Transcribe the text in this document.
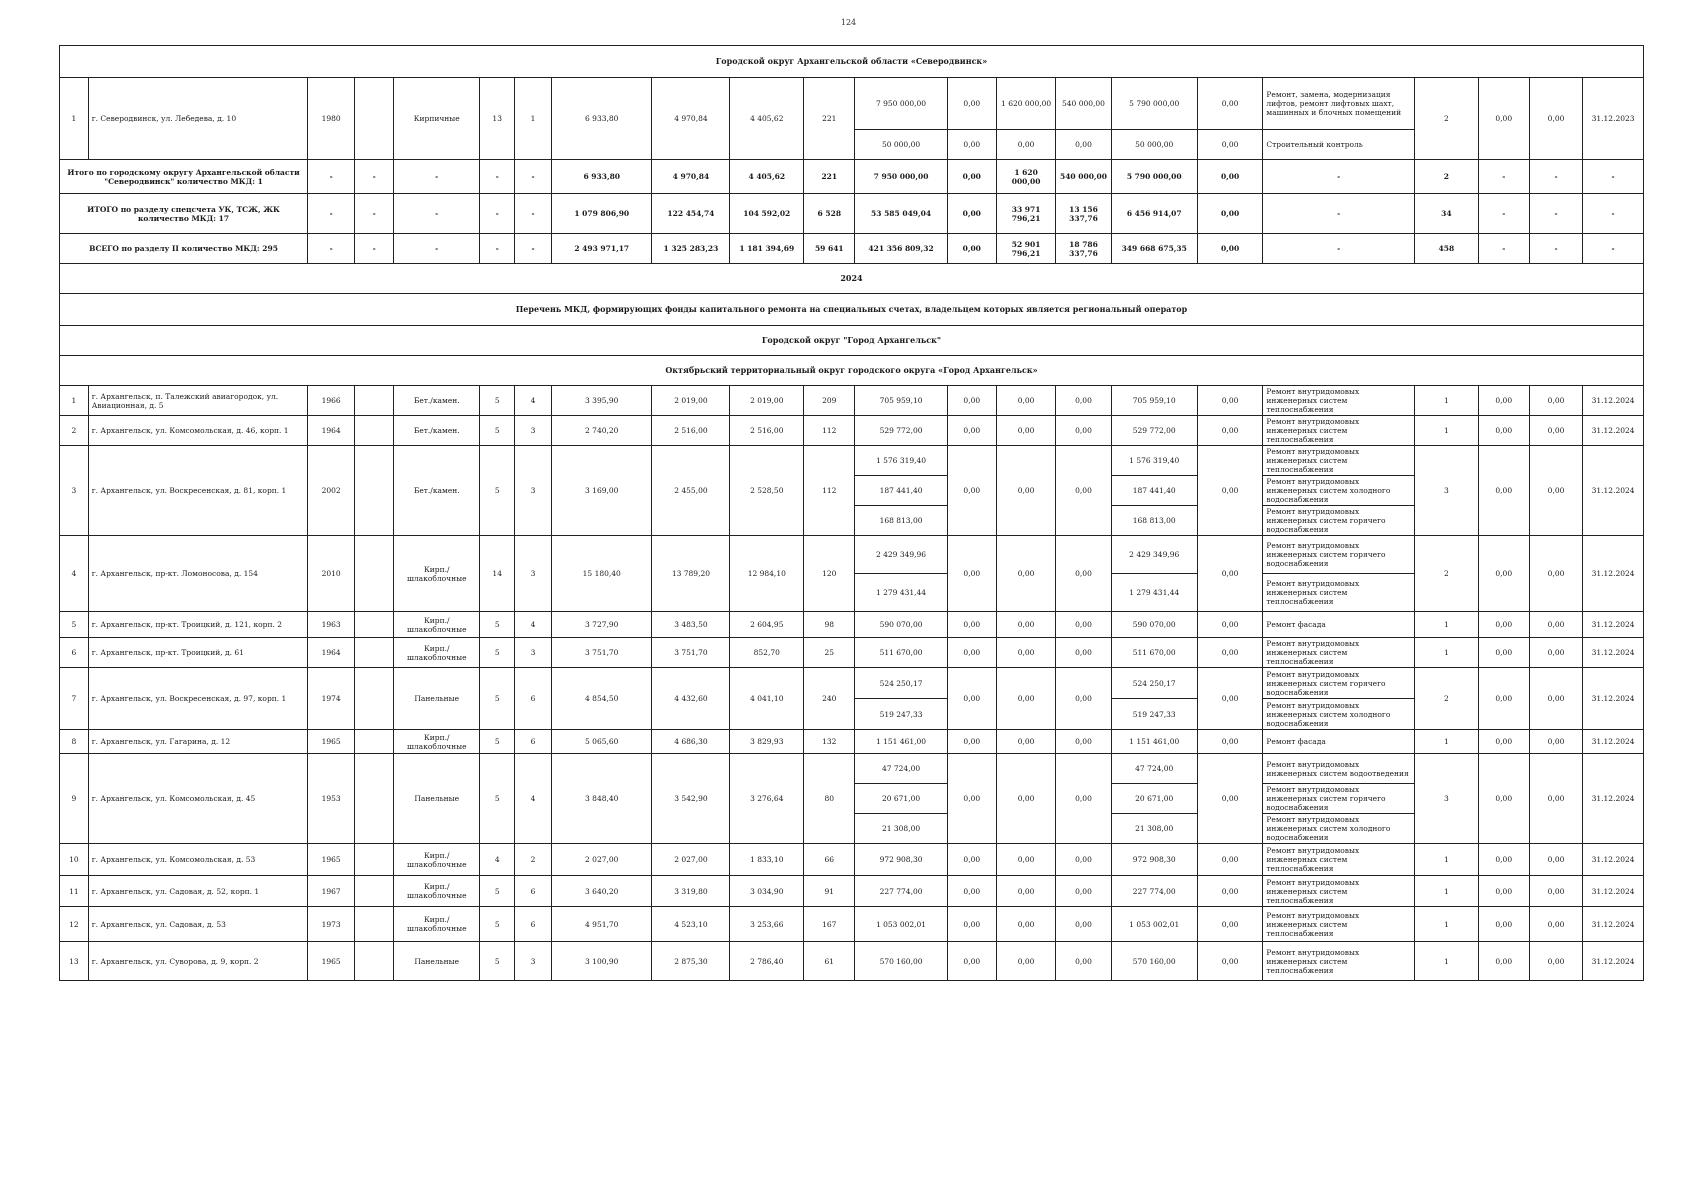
124
Городской округ Архангельской области «Северодвинск»																					
1	г. Северодвинск, ул. Лебедева, д. 10	1980		Кирпичные	13	1	6 933,80	4 970,84	4 405,62	221	7 950 000,00	0,00	1 620 000,00	540 000,00	5 790 000,00	0,00	Ремонт, замена, модернизация лифтов, ремонт лифтовых шахт, машинных и блочных помещений	2	0,00	0,00	31.12.2023
											50 000,00	0,00	0,00	0,00	50 000,00	0,00	Строительный контроль				
Итого по городскому округу Архангельской области "Северодвинск" количество МКД: 1		-	-	-	-	-	6 933,80	4 970,84	4 405,62	221	7 950 000,00	0,00	1 620 000,00	540 000,00	5 790 000,00	0,00	-	2	-	-	-
ИТОГО по разделу спецсчета УК, ТСЖ, ЖК количество МКД: 17		-	-	-	-	-	1 079 806,90	122 454,74	104 592,02	6 528	53 585 049,04	0,00	33 971 796,21	13 156 337,76	6 456 914,07	0,00	-	34	-	-	-
ВСЕГО по разделу II количество МКД: 295		-	-	-	-	-	2 493 971,17	1 325 283,23	1 181 394,69	59 641	421 356 809,32	0,00	52 901 796,21	18 786 337,76	349 668 675,35	0,00	-	458	-	-	-
2024																					
Перечень МКД, формирующих фонды капитального ремонта на специальных счетах, владельцем которых является региональный оператор																					
Городской округ "Город Архангельск"																					
Октябрьский территориальный округ городского округа «Город Архангельск»																					
1	г. Архангельск, п. Талежский авиагородок, ул. Авиационная, д. 5	1966		Бет./камен.	5	4	3 395,90	2 019,00	2 019,00	209	705 959,10	0,00	0,00	0,00	705 959,10	0,00	Ремонт внутридомовых инженерных систем теплоснабжения	1	0,00	0,00	31.12.2024
2	г. Архангельск, ул. Комсомольская, д. 46, корп. 1	1964		Бет./камен.	5	3	2 740,20	2 516,00	2 516,00	112	529 772,00	0,00	0,00	0,00	529 772,00	0,00	Ремонт внутридомовых инженерных систем теплоснабжения	1	0,00	0,00	31.12.2024
3	г. Архангельск, ул. Воскресенская, д. 81, корп. 1	2002		Бет./камен.	5	3	3 169,00	2 455,00	2 528,50	112	1 576 319,40	0,00	0,00	0,00	1 576 319,40	0,00	Ремонт внутридомовых инженерных систем теплоснабжения	3	0,00	0,00	31.12.2024
											187 441,40				187 441,40		Ремонт внутридомовых инженерных систем холодного водоснабжения				
											168 813,00				168 813,00		Ремонт внутридомовых инженерных систем горячего водоснабжения				
4	г. Архангельск, пр-кт. Ломоносова, д. 154	2010		Кирп./ шлакоблочные	14	3	15 180,40	13 789,20	12 984,10	120	2 429 349,96	0,00	0,00	0,00	2 429 349,96	0,00	Ремонт внутридомовых инженерных систем горячего водоснабжения	2	0,00	0,00	31.12.2024
											1 279 431,44				1 279 431,44		Ремонт внутридомовых инженерных систем теплоснабжения				
5	г. Архангельск, пр-кт. Троицкий, д. 121, корп. 2	1963		Кирп./ шлакоблочные	5	4	3 727,90	3 483,50	2 604,95	98	590 070,00	0,00	0,00	0,00	590 070,00	0,00	Ремонт фасада	1	0,00	0,00	31.12.2024
6	г. Архангельск, пр-кт. Троицкий, д. 61	1964		Кирп./ шлакоблочные	5	3	3 751,70	3 751,70	852,70	25	511 670,00	0,00	0,00	0,00	511 670,00	0,00	Ремонт внутридомовых инженерных систем теплоснабжения	1	0,00	0,00	31.12.2024
7	г. Архангельск, ул. Воскресенская, д. 97, корп. 1	1974		Панельные	5	6	4 854,50	4 432,60	4 041,10	240	524 250,17	0,00	0,00	0,00	524 250,17	0,00	Ремонт внутридомовых инженерных систем горячего водоснабжения	2	0,00	0,00	31.12.2024
											519 247,33				519 247,33		Ремонт внутридомовых инженерных систем холодного водоснабжения				
8	г. Архангельск, ул. Гагарина, д. 12	1965		Кирп./ шлакоблочные	5	6	5 065,60	4 686,30	3 829,93	132	1 151 461,00	0,00	0,00	0,00	1 151 461,00	0,00	Ремонт фасада	1	0,00	0,00	31.12.2024
9	г. Архангельск, ул. Комсомольская, д. 45	1953		Панельные	5	4	3 848,40	3 542,90	3 276,64	80	47 724,00	0,00	0,00	0,00	47 724,00	0,00	Ремонт внутридомовых инженерных систем водоотведения	3	0,00	0,00	31.12.2024
											20 671,00				20 671,00		Ремонт внутридомовых инженерных систем горячего водоснабжения				
											21 308,00				21 308,00		Ремонт внутридомовых инженерных систем холодного водоснабжения				
10	г. Архангельск, ул. Комсомольская, д. 53	1965		Кирп./ шлакоблочные	4	2	2 027,00	2 027,00	1 833,10	66	972 908,30	0,00	0,00	0,00	972 908,30	0,00	Ремонт внутридомовых инженерных систем теплоснабжения	1	0,00	0,00	31.12.2024
11	г. Архангельск, ул. Садовая, д. 52, корп. 1	1967		Кирп./ шлакоблочные	5	6	3 640,20	3 319,80	3 034,90	91	227 774,00	0,00	0,00	0,00	227 774,00	0,00	Ремонт внутридомовых инженерных систем теплоснабжения	1	0,00	0,00	31.12.2024
12	г. Архангельск, ул. Садовая, д. 53	1973		Кирп./ шлакоблочные	5	6	4 951,70	4 523,10	3 253,66	167	1 053 002,01	0,00	0,00	0,00	1 053 002,01	0,00	Ремонт внутридомовых инженерных систем теплоснабжения	1	0,00	0,00	31.12.2024
13	г. Архангельск, ул. Суворова, д. 9, корп. 2	1965		Панельные	5	3	3 100,90	2 875,30	2 786,40	61	570 160,00	0,00	0,00	0,00	570 160,00	0,00	Ремонт внутридомовых инженерных систем теплоснабжения	1	0,00	0,00	31.12.2024
